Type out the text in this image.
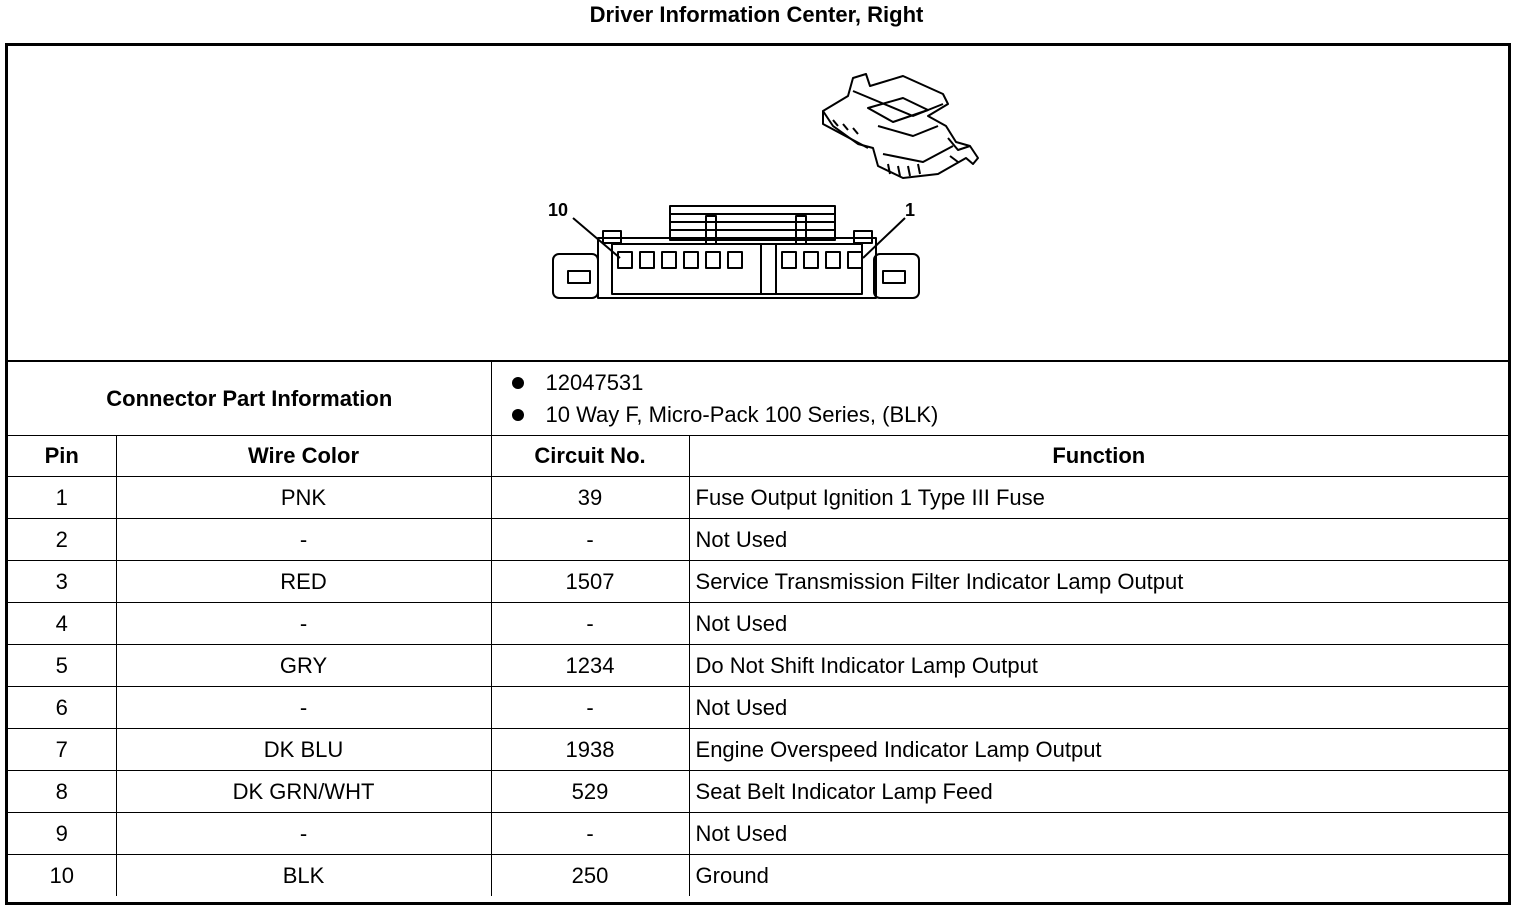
Driver Information Center, Right
10	1
Connector Part Information		12047531
10 Way F, Micro-Pack 100 Series, (BLK)	

Pin	Wire Color	Circuit No.	Function
1	PNK	39	Fuse Output Ignition 1 Type III Fuse
2	-	-	Not Used
3	RED	1507	Service Transmission Filter Indicator Lamp Output
4	-	-	Not Used
5	GRY	1234	Do Not Shift Indicator Lamp Output
6	-	-	Not Used
7	DK BLU	1938	Engine Overspeed Indicator Lamp Output
8	DK GRN/WHT	529	Seat Belt Indicator Lamp Feed
9	-	-	Not Used
10	BLK	250	Ground
